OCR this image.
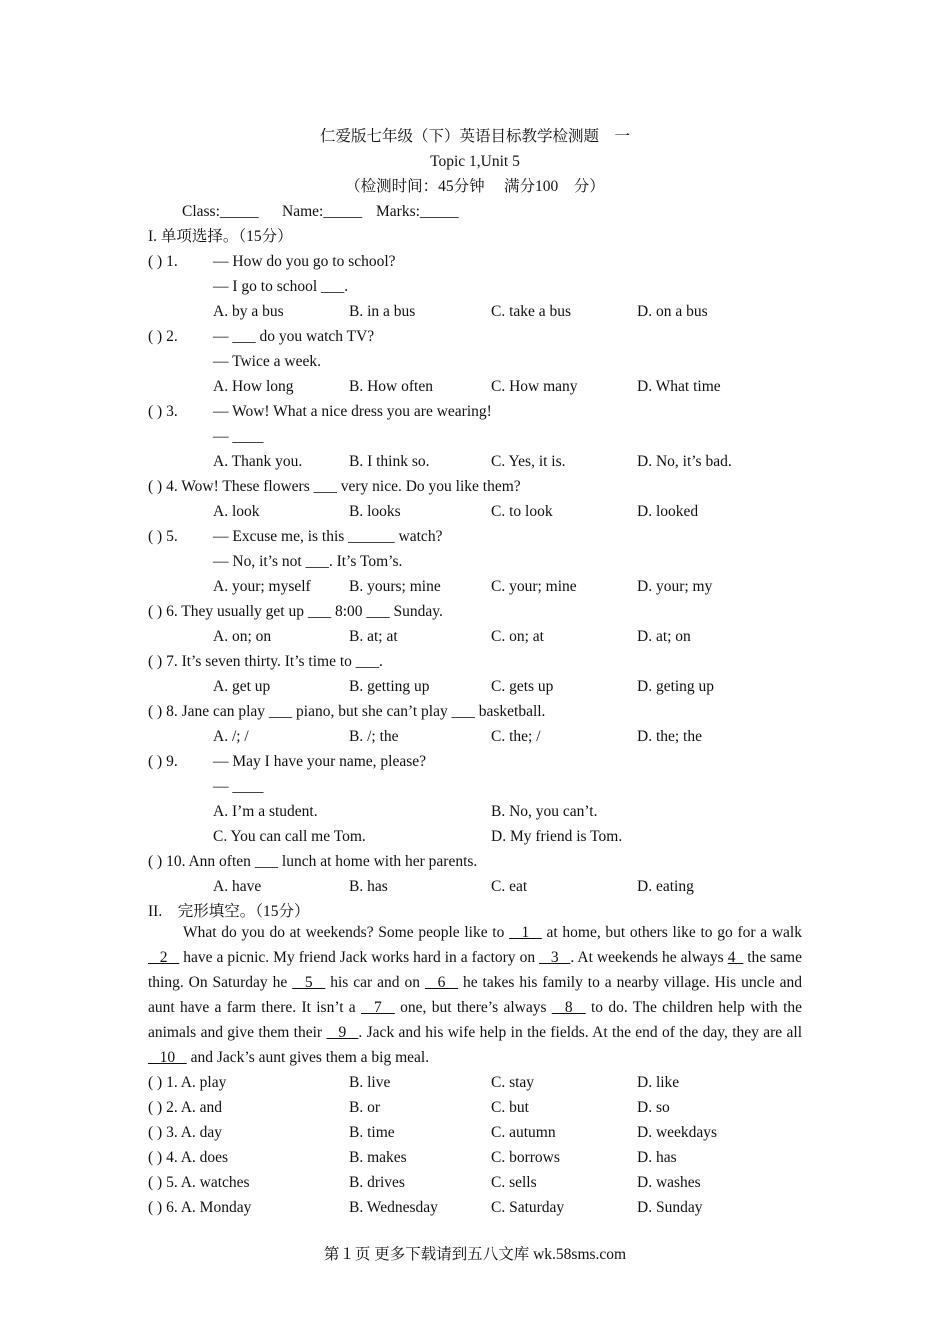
仁爱版七年级（下）英语目标教学检测题　一
Topic 1,Unit 5
（检测时间：45分钟　 满分100　分）
Class:_____ Name:_____ Marks:_____
I. 单项选择。（15分）
( ) 1. — How do you go to school?
— I go to school ___.
A. by a bus	B. in a bus	C. take a bus	D. on a bus
( ) 2. — ___ do you watch TV?
— Twice a week.
A. How long	B. How often	C. How many	D. What time
( ) 3. — Wow! What a nice dress you are wearing!
— ____
A. Thank you.	B. I think so.	C. Yes, it is.	D. No, it’s bad.
( ) 4. Wow! These flowers ___ very nice. Do you like them?
A. look	B. looks	C. to look	D. looked
( ) 5. — Excuse me, is this ______ watch?
— No, it’s not ___. It’s Tom’s.
A. your; myself B. yours; mine	C. your; mine	D. your; my
( ) 6. They usually get up ___ 8:00 ___ Sunday.
A. on; on	B. at; at	C. on; at	D. at; on
( ) 7. It’s seven thirty. It’s time to ___.
A. get up	B. getting up	C. gets up	D. geting up
( ) 8. Jane can play ___ piano, but she can’t play ___ basketball.
A. /; /	B. /; the	C. the; /	D. the; the
( ) 9. — May I have your name, please?
— ____
A. I’m a student.	B. No, you can’t.
C. You can call me Tom.	D. My friend is Tom.
( ) 10. Ann often ___ lunch at home with her parents.
A. have	B. has	C. eat	D. eating
II.    完形填空。（15分）
What do you do at weekends? Some people like to  _1_  at home, but others like to go for a walk  _2_  have a picnic. My friend Jack works hard in a factory on  _3_ . At weekends he always 4_ the same thing. On Saturday he  _5_  his car and on  _6_  he takes his family to a nearby village. His uncle and aunt have a farm there. It isn’t a  _7_  one, but there’s always  _8_  to do. The children help with the animals and give them their  _9_ . Jack and his wife help in the fields. At the end of the day, they are all  _10_  and Jack’s aunt gives them a big meal.
( ) 1. A. play	B. live	C. stay	D. like
( ) 2. A. and	B. or	C. but	D. so
( ) 3. A. day	B. time	C. autumn	D. weekdays
( ) 4. A. does	B. makes	C. borrows	D. has
( ) 5. A. watches	B. drives	C. sells	D. washes
( ) 6. A. Monday	B. Wednesday	C. Saturday	D. Sunday
第１页 更多下载请到五八文库 wk.58sms.com
